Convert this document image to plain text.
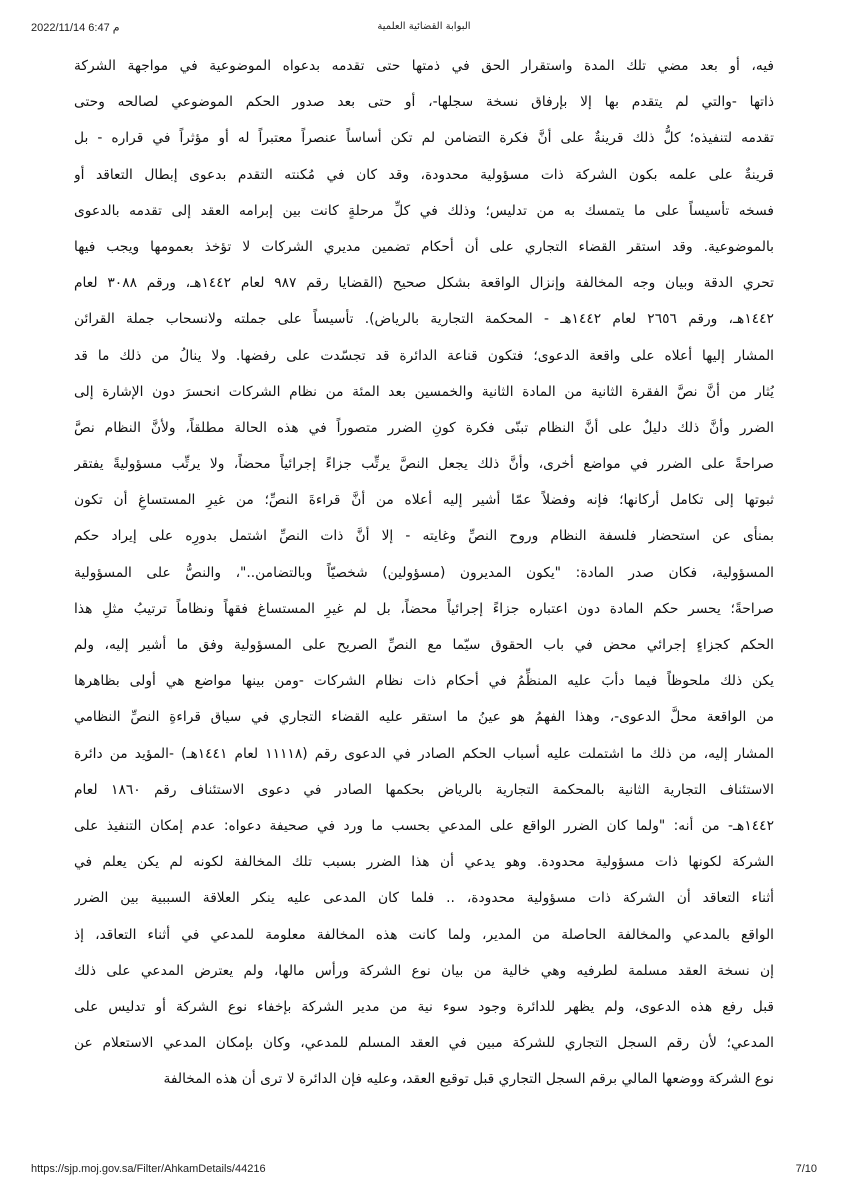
2022/11/14 6:47 م	البوابة القضائية العلمية
فيه، أو بعد مضي تلك المدة واستقرار الحق في ذمتها حتى تقدمه بدعواه الموضوعية في مواجهة الشركة
ذاتها -والتي لم يتقدم بها إلا بإرفاق نسخة سجلها-، أو حتى بعد صدور الحكم الموضوعي لصالحه وحتى
تقدمه لتنفيذه؛ كلُّ ذلك قرينةٌ على أنَّ فكرة التضامن لم تكن أساساً عنصراً معتبراً له أو مؤثراً في قراره - بل
قرينةٌ على علمه بكون الشركة ذات مسؤولية محدودة، وقد كان في مُكنته التقدم بدعوى إبطال التعاقد أو
فسخه تأسيساً على ما يتمسك به من تدليس؛ وذلك في كلِّ مرحلةٍ كانت بين إبرامه العقد إلى تقدمه بالدعوى
بالموضوعية. وقد استقر القضاء التجاري على أن أحكام تضمين مديري الشركات لا تؤخذ بعمومها ويجب فيها
تحري الدقة وبيان وجه المخالفة وإنزال الواقعة بشكل صحيح (القضايا رقم ٩٨٧ لعام ١٤٤٢هـ، ورقم ٣٠٨٨ لعام
١٤٤٢هـ، ورقم ٢٦٥٦ لعام ١٤٤٢هـ - المحكمة التجارية بالرياض). تأسيساً على جملته ولانسحاب جملة القرائن
المشار إليها أعلاه على واقعة الدعوى؛ فتكون قناعة الدائرة قد تجسّدت على رفضها. ولا ينالُ من ذلك ما قد
يُثار من أنَّ نصَّ الفقرة الثانية من المادة الثانية والخمسين بعد المئة من نظام الشركات انحسرَ دون الإشارة إلى
الضرر وأنَّ ذلك دليلٌ على أنَّ النظام تبنّى فكرة كونِ الضرر متصوراً في هذه الحالة مطلقاً، ولأنَّ النظام نصَّ
صراحةً على الضرر في مواضع أخرى، وأنَّ ذلك يجعل النصَّ يرتِّب جزاءً إجرائياً محضاً، ولا يرتِّب مسؤوليةً يفتقر
ثبوتها إلى تكامل أركانها؛ فإنه وفضلاً عمّا أشير إليه أعلاه من أنَّ قراءةَ النصِّ؛ من غيرِ المستساغِ أن تكون
بمنأى عن استحضار فلسفة النظام وروح النصِّ وغايته - إلا أنَّ ذات النصِّ اشتمل بدورِه على إيراد حكم
المسؤولية، فكان صدر المادة: "يكون المديرون (مسؤولين) شخصيّاً وبالتضامن.."، والنصُّ على المسؤولية
صراحةً؛ يحسر حكم المادة دون اعتباره جزاءً إجرائياً محضاً، بل لم غيرِ المستساغ فقهاً ونظاماً ترتيبُ مثلِ هذا
الحكم كجزاءٍ إجرائي محض في باب الحقوق سيّما مع النصِّ الصريح على المسؤولية وفق ما أشير إليه، ولم
يكن ذلك ملحوظاً فيما دأبَ عليه المنظِّمُ في أحكام ذات نظام الشركات -ومن بينها مواضع هي أولى بظاهرها
من الواقعة محلَّ الدعوى-، وهذا الفهمُ هو عينُ ما استقر عليه القضاء التجاري في سياق قراءةِ النصِّ النظامي
المشار إليه، من ذلك ما اشتملت عليه أسباب الحكم الصادر في الدعوى رقم (١١١١٨ لعام ١٤٤١هـ) -المؤيد من دائرة
الاستئناف التجارية الثانية بالمحكمة التجارية بالرياض بحكمها الصادر في دعوى الاستئناف رقم ١٨٦٠ لعام
١٤٤٢هـ- من أنه: "ولما كان الضرر الواقع على المدعي بحسب ما ورد في صحيفة دعواه: عدم إمكان التنفيذ على
الشركة لكونها ذات مسؤولية محدودة. وهو يدعي أن هذا الضرر بسبب تلك المخالفة لكونه لم يكن يعلم في
أثناء التعاقد أن الشركة ذات مسؤولية محدودة، .. فلما كان المدعى عليه ينكر العلاقة السببية بين الضرر
الواقع بالمدعي والمخالفة الحاصلة من المدير، ولما كانت هذه المخالفة معلومة للمدعي في أثناء التعاقد، إذ
إن نسخة العقد مسلمة لطرفيه وهي خالية من بيان نوع الشركة ورأس مالها، ولم يعترض المدعي على ذلك
قبل رفع هذه الدعوى، ولم يظهر للدائرة وجود سوء نية من مدير الشركة بإخفاء نوع الشركة أو تدليس على
المدعي؛ لأن رقم السجل التجاري للشركة مبين في العقد المسلم للمدعي، وكان بإمكان المدعي الاستعلام عن
نوع الشركة ووضعها المالي برقم السجل التجاري قبل توقيع العقد، وعليه فإن الدائرة لا ترى أن هذه المخالفة
https://sjp.moj.gov.sa/Filter/AhkamDetails/44216	7/10
